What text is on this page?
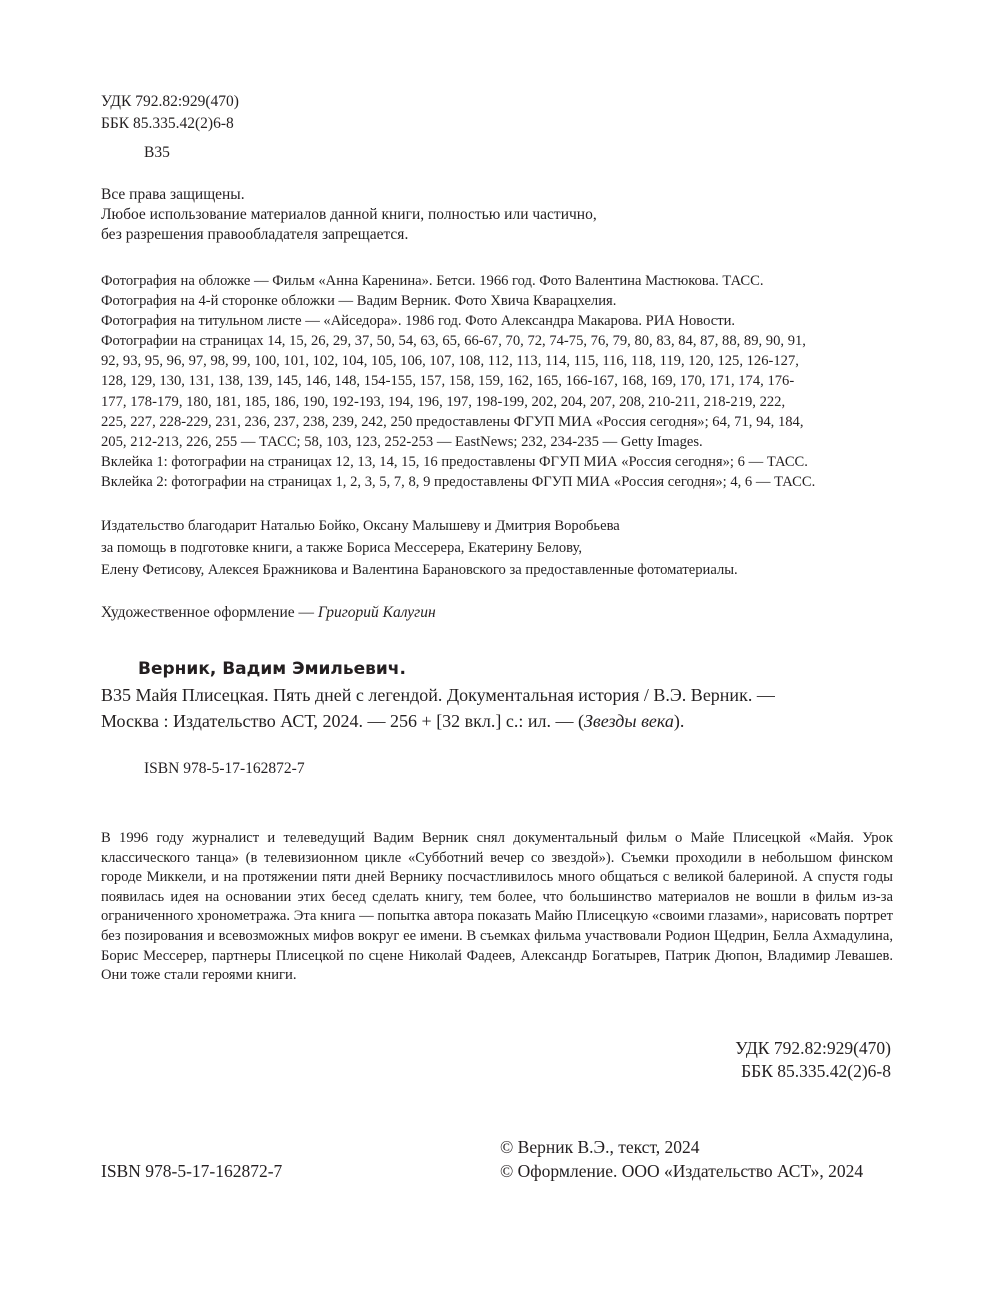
УДК 792.82:929(470)
ББК 85.335.42(2)6-8
В35
Все права защищены.
Любое использование материалов данной книги, полностью или частично,
без разрешения правообладателя запрещается.
Фотография на обложке — Фильм «Анна Каренина». Бетси. 1966 год. Фото Валентина Мастюкова. ТАСС.
Фотография на 4-й сторонке обложки — Вадим Верник. Фото Хвича Кварацхелия.
Фотография на титульном листе — «Айседора». 1986 год. Фото Александра Макарова. РИА Новости.
Фотографии на страницах 14, 15, 26, 29, 37, 50, 54, 63, 65, 66-67, 70, 72, 74-75, 76, 79, 80, 83, 84, 87, 88, 89, 90, 91,
92, 93, 95, 96, 97, 98, 99, 100, 101, 102, 104, 105, 106, 107, 108, 112, 113, 114, 115, 116, 118, 119, 120, 125, 126-127,
128, 129, 130, 131, 138, 139, 145, 146, 148, 154-155, 157, 158, 159, 162, 165, 166-167, 168, 169, 170, 171, 174, 176-
177, 178-179, 180, 181, 185, 186, 190, 192-193, 194, 196, 197, 198-199, 202, 204, 207, 208, 210-211, 218-219, 222,
225, 227, 228-229, 231, 236, 237, 238, 239, 242, 250 предоставлены ФГУП МИА «Россия сегодня»; 64, 71, 94, 184,
205, 212-213, 226, 255 — ТАСС; 58, 103, 123, 252-253 — EastNews; 232, 234-235 — Getty Images.
Вклейка 1: фотографии на страницах 12, 13, 14, 15, 16 предоставлены ФГУП МИА «Россия сегодня»; 6 — ТАСС.
Вклейка 2: фотографии на страницах 1, 2, 3, 5, 7, 8, 9 предоставлены ФГУП МИА «Россия сегодня»; 4, 6 — ТАСС.
Издательство благодарит Наталью Бойко, Оксану Малышеву и Дмитрия Воробьева
за помощь в подготовке книги, а также Бориса Мессерера, Екатерину Белову,
Елену Фетисову, Алексея Бражникова и Валентина Барановского за предоставленные фотоматериалы.
Художественное оформление — Григорий Калугин
Верник, Вадим Эмильевич.
В35 Майя Плисецкая. Пять дней с легендой. Документальная история / В.Э. Верник. —
Москва : Издательство АСТ, 2024. — 256 + [32 вкл.] с.: ил. — (Звезды века).
ISBN 978-5-17-162872-7
В 1996 году журналист и телеведущий Вадим Верник снял документальный фильм о Майе Плисецкой «Майя. Урок классического танца» (в телевизионном цикле «Субботний вечер со звездой»). Съемки проходили в небольшом финском городе Миккели, и на протяжении пяти дней Вернику посчастливилось много общаться с великой балериной. А спустя годы появилась идея на основании этих бесед сделать книгу, тем более, что большинство материалов не вошли в фильм из-за ограниченного хронометража. Эта книга — попытка автора показать Майю Плисецкую «своими глазами», нарисовать портрет без позирования и всевозможных мифов вокруг ее имени. В съемках фильма участвовали Родион Щедрин, Белла Ахмадулина, Борис Мессерер, партнеры Плисецкой по сцене Николай Фадеев, Александр Богатырев, Патрик Дюпон, Владимир Левашев. Они тоже стали героями книги.
УДК 792.82:929(470)
ББК 85.335.42(2)6-8
© Верник В.Э., текст, 2024
© Оформление. ООО «Издательство АСТ», 2024
ISBN 978-5-17-162872-7
